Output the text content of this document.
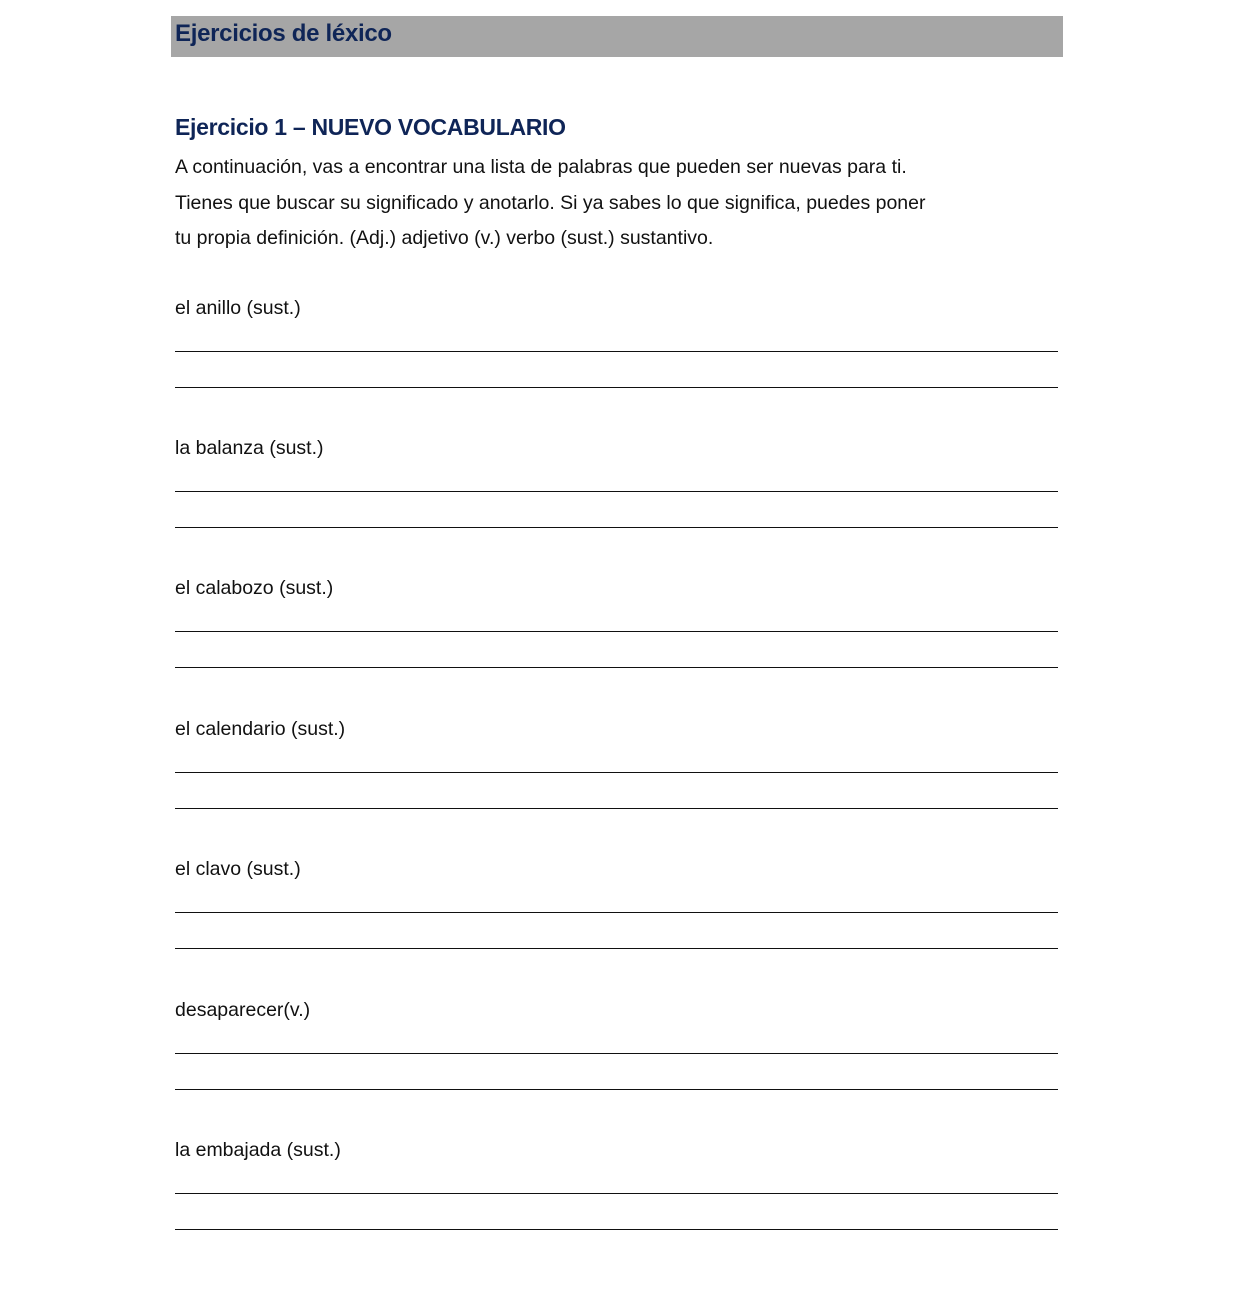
Ejercicios de léxico
Ejercicio 1 – NUEVO VOCABULARIO

A continuación, vas a encontrar una lista de palabras que pueden ser nuevas para ti.

Tienes que buscar su significado y anotarlo. Si ya sabes lo que significa, puedes poner

tu propia definición. (Adj.) adjetivo (v.) verbo (sust.) sustantivo.

el anillo (sust.)
la balanza (sust.)
el calabozo (sust.)
el calendario (sust.)
el clavo (sust.)
desaparecer(v.)
la embajada (sust.)
